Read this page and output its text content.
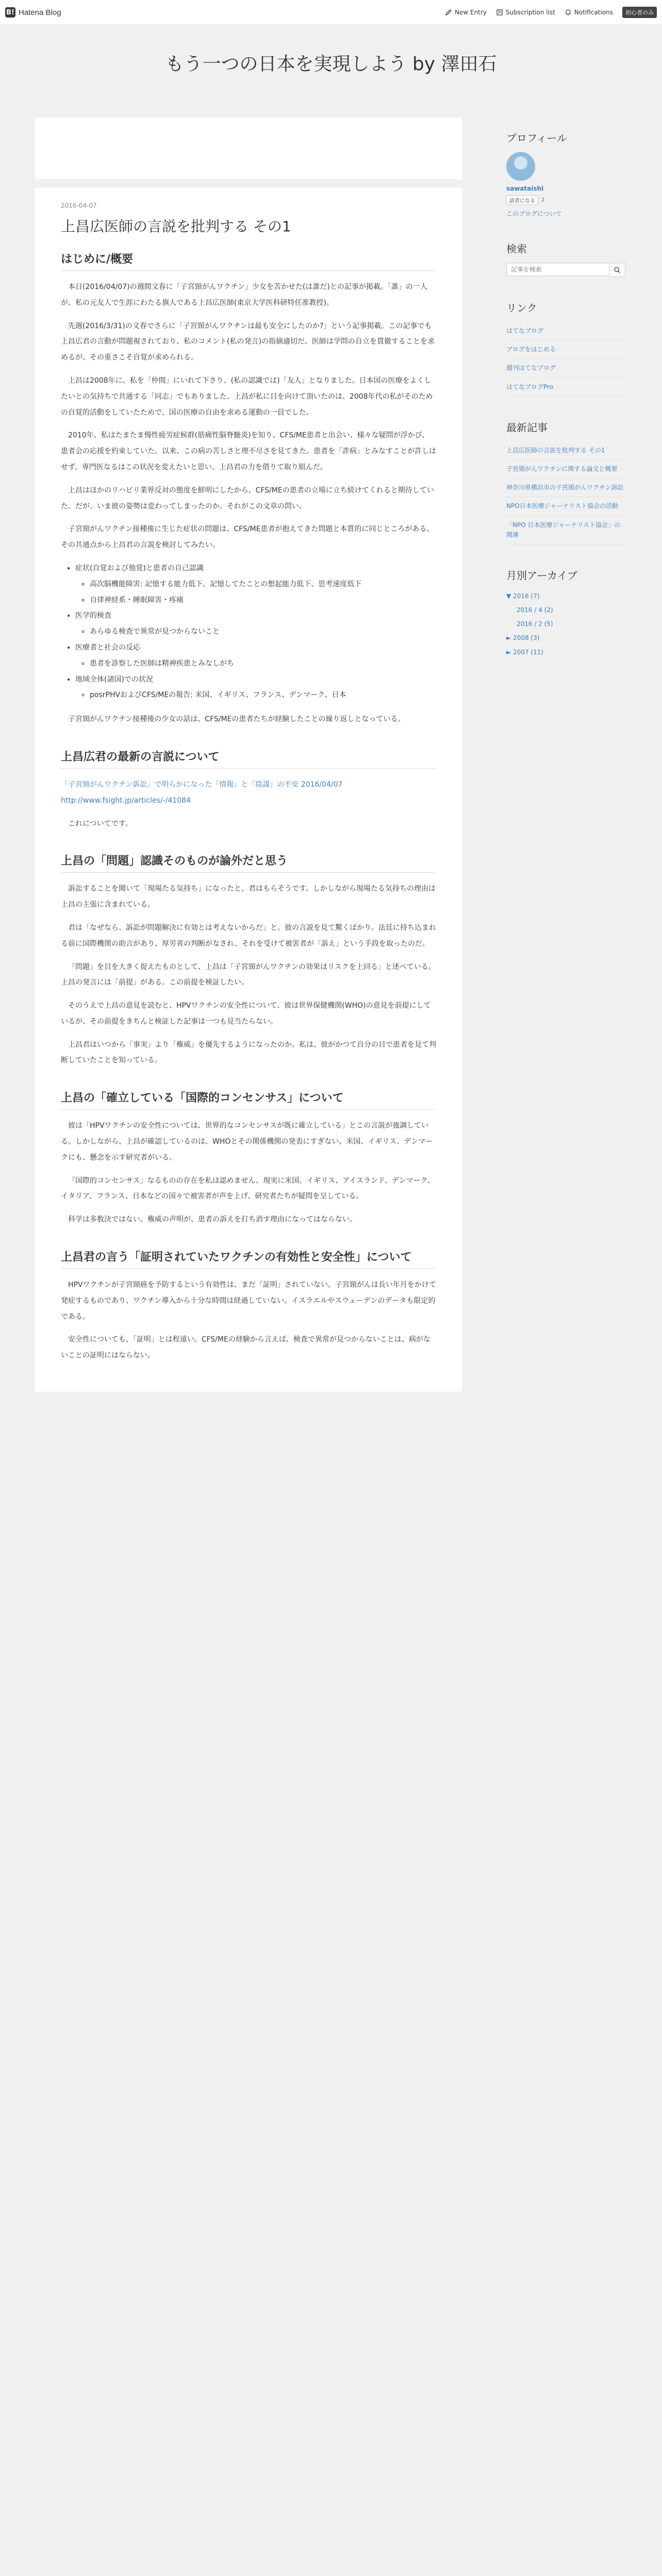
B! Hatena Blog	New Entry	Subscription list	Notifications	初心者のみ
もう一つの日本を実現しよう by 澤田石
2016-04-07
上昌広医師の言説を批判する その1
はじめに/概要

本日(2016/04/07)の週間文春に「子宮頸がんワクチン」少女を苦かせた(は誰だ)との記事が掲載。「誰」の一人が、私の元友人で生涯にわたる旗人である上昌広医師(東京大学医科研特任准教授)。

先週(2016/3/31)の文春でさらに「子宮頸がんワクチンは最も安全にしたのか?」という記事掲載。この記事でも上昌広君の言動が問題視されており、私のコメント(私の発言)の指摘適切だ。医師は学問の自立を貫徹することを求めるが、その重さこそ自覚が求められる。

上昌は2008年に、私を「仲間」にいれて下さり、(私の認識では)「友人」となりました。日本国の医療をよくしたいとの気持ちで共通する「同志」でもありました。上昌が私に目を向けて頂いたのは、2008年代の私がそのための自覚的活動をしていたためで、国の医療の自由を求める運動の一員でした。

2010年、私はたまたま慢性疲労症候群(筋痛性脳脊髄炎)を知り、CFS/ME患者と出会い、様々な疑問が浮かび、患者会の応援を約束していた。以来、この病の苦しさと理不尽さを見てきた。患者を「詐病」とみなすことが許しはせず、専門医なるはこの状況を変えたいと思い、上昌君の力を借りて取り組んだ。

上昌はほかのリハビリ業界反対の態度を鮮明にしたから、CFS/MEの患者の立場に立ち続けてくれると期待していた。だが、いま彼の姿勢は変わってしまったのか。それがこの文章の問い。

子宮頸がんワクチン接種後に生じた症状の問題は、CFS/ME患者が抱えてきた問題と本質的に同じところがある。その共通点から上昌君の言説を検討してみたい。

• 症状(自覚および他覚)と患者の自己認識
◦ 高次脳機能障害: 記憶する能力低下、記憶してたことの想起能力低下、思考速度低下
◦ 自律神経系・睡眠障害・疼痛
• 医学的検査
◦ あらゆる検査で異常が見つからないこと
• 医療者と社会の反応
◦ 患者を診察した医師は精神疾患とみなしがち
• 地域全体(諸国)での状況
◦ posrPHVおよびCFS/MEの報告: 米国、イギリス、フランス、デンマーク、日本

子宮頸がんワクチン接種後の少女の話は、CFS/MEの患者たちが経験したことの繰り返しとなっている。

上昌広君の最新の言説について
「子宮頸がんワクチン訴訟」で明らかになった「情報」と「陰謀」の不安 2016/04/07
http://www.fsight.jp/articles/-/41084

これについてです。

上昌の「問題」認識そのものが論外だと思う

訴訟することを聞いて「現場たる気持ち」になったと、君はもらそうです。しかしながら現場たる気持ちの理由は上昌の主張に含まれている。

君は「なぜなら、訴訟が問題解決に有効とは考えないからだ」と。彼の言説を見て驚くばかり。法廷に持ち込まれる前に国際機関の助言があり、厚労省の判断がなされ、それを受けて被害者が「訴え」という手段を取ったのだ。

「問題」を目を大きく捉えたものとして、上昌は「子宮頸がんワクチンの効果はリスクを上回る」と述べている。上昌の発言には「前提」がある。この前提を検証したい。

そのうえで上昌の意見を読むと、HPVワクチンの安全性について、彼は世界保健機関(WHO)の意見を前提にしているが、その前提をきちんと検証した記事は一つも見当たらない。

上昌君はいつから「事実」より「権威」を優先するようになったのか。私は、彼がかつて自分の目で患者を見て判断していたことを知っている。

上昌の「確立している「国際的コンセンサス」について

彼は「HPVワクチンの安全性については、世界的なコンセンサスが既に確立している」とこの言説が強調している。しかしながら、上昌が確認しているのは、WHOとその関係機関の発表にすぎない。米国、イギリス、デンマークにも、懸念を示す研究者がいる。

「国際的コンセンサス」なるものの存在を私は認めません。現実に米国、イギリス、アイスランド、デンマーク、イタリア、フランス、日本などの国々で被害者が声を上げ、研究者たちが疑問を呈している。

科学は多数決ではない。権威の声明が、患者の訴えを打ち消す理由になってはならない。

上昌君の言う「証明されていたワクチンの有効性と安全性」について

HPVワクチンが子宮頸癌を予防するという有効性は、まだ「証明」されていない。子宮頸がんは長い年月をかけて発症するものであり、ワクチン導入から十分な時間は経過していない。イスラエルやスウェーデンのデータも限定的である。

安全性についても、「証明」とは程遠い。CFS/MEの経験から言えば、検査で異常が見つからないことは、病がないことの証明にはならない。

プロフィール
sawataishi
読者になる	2
このブログについて
検索
記事を検索
リンク
はてなブログ
ブログをはじめる
週刊はてなブログ
はてなブログPro
最新記事
上昌広医師の言説を批判する その1
子宮頸がんワクチンに関する論文と概要
神奈川県横浜市の子宮頸がんワクチン訴訟
NPO日本医療ジャーナリスト協会の活動
「NPO 日本医療ジャーナリスト協会」の関連
月別アーカイブ
▼ 2016 (7)
2016 / 4 (2)
2016 / 2 (5)
► 2008 (3)
► 2007 (11)
